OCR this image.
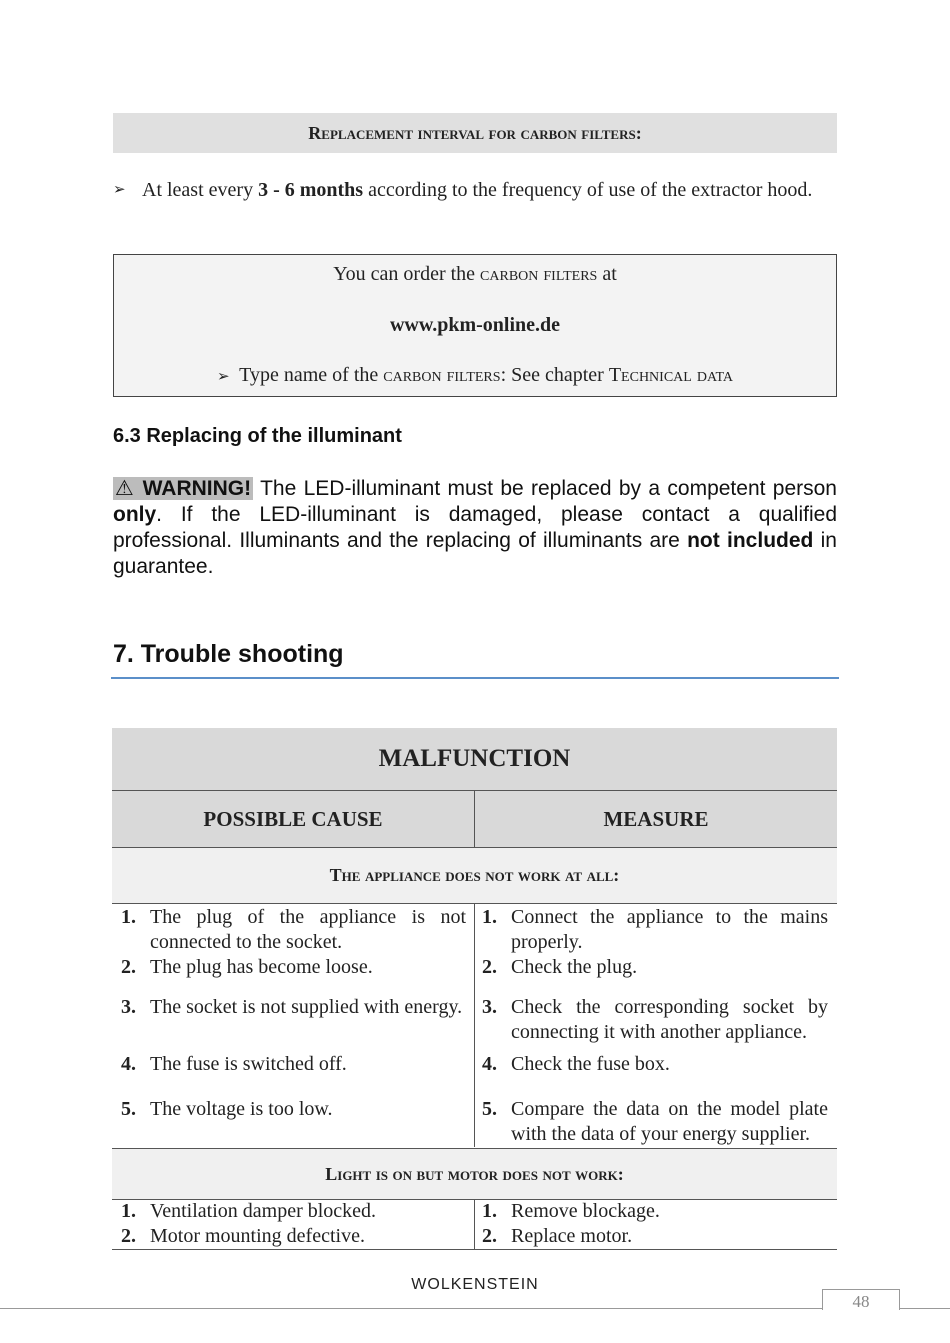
Replacement interval for carbon filters:
➢ At least every 3 - 6 months according to the frequency of use of the extractor hood.
You can order the carbon filters at
www.pkm-online.de
➢ Type name of the carbon filters: See chapter Technical data
6.3 Replacing of the illuminant
⚠ WARNING! The LED-illuminant must be replaced by a competent person only. If the LED-illuminant is damaged, please contact a qualified professional. Illuminants and the replacing of illuminants are not included in guarantee.
7. Trouble shooting
MALFUNCTION
POSSIBLE CAUSE	MEASURE
The appliance does not work at all:
1. The plug of the appliance is not connected to the socket.
2. The plug has become loose.
3. The socket is not supplied with energy.
4. The fuse is switched off.
5. The voltage is too low.
1. Connect the appliance to the mains properly.
2. Check the plug.
3. Check the corresponding socket by connecting it with another appliance.
4. Check the fuse box.
5. Compare the data on the model plate with the data of your energy supplier.
Light is on but motor does not work:
1. Ventilation damper blocked.
2. Motor mounting defective.
1. Remove blockage.
2. Replace motor.
WOLKENSTEIN
48
